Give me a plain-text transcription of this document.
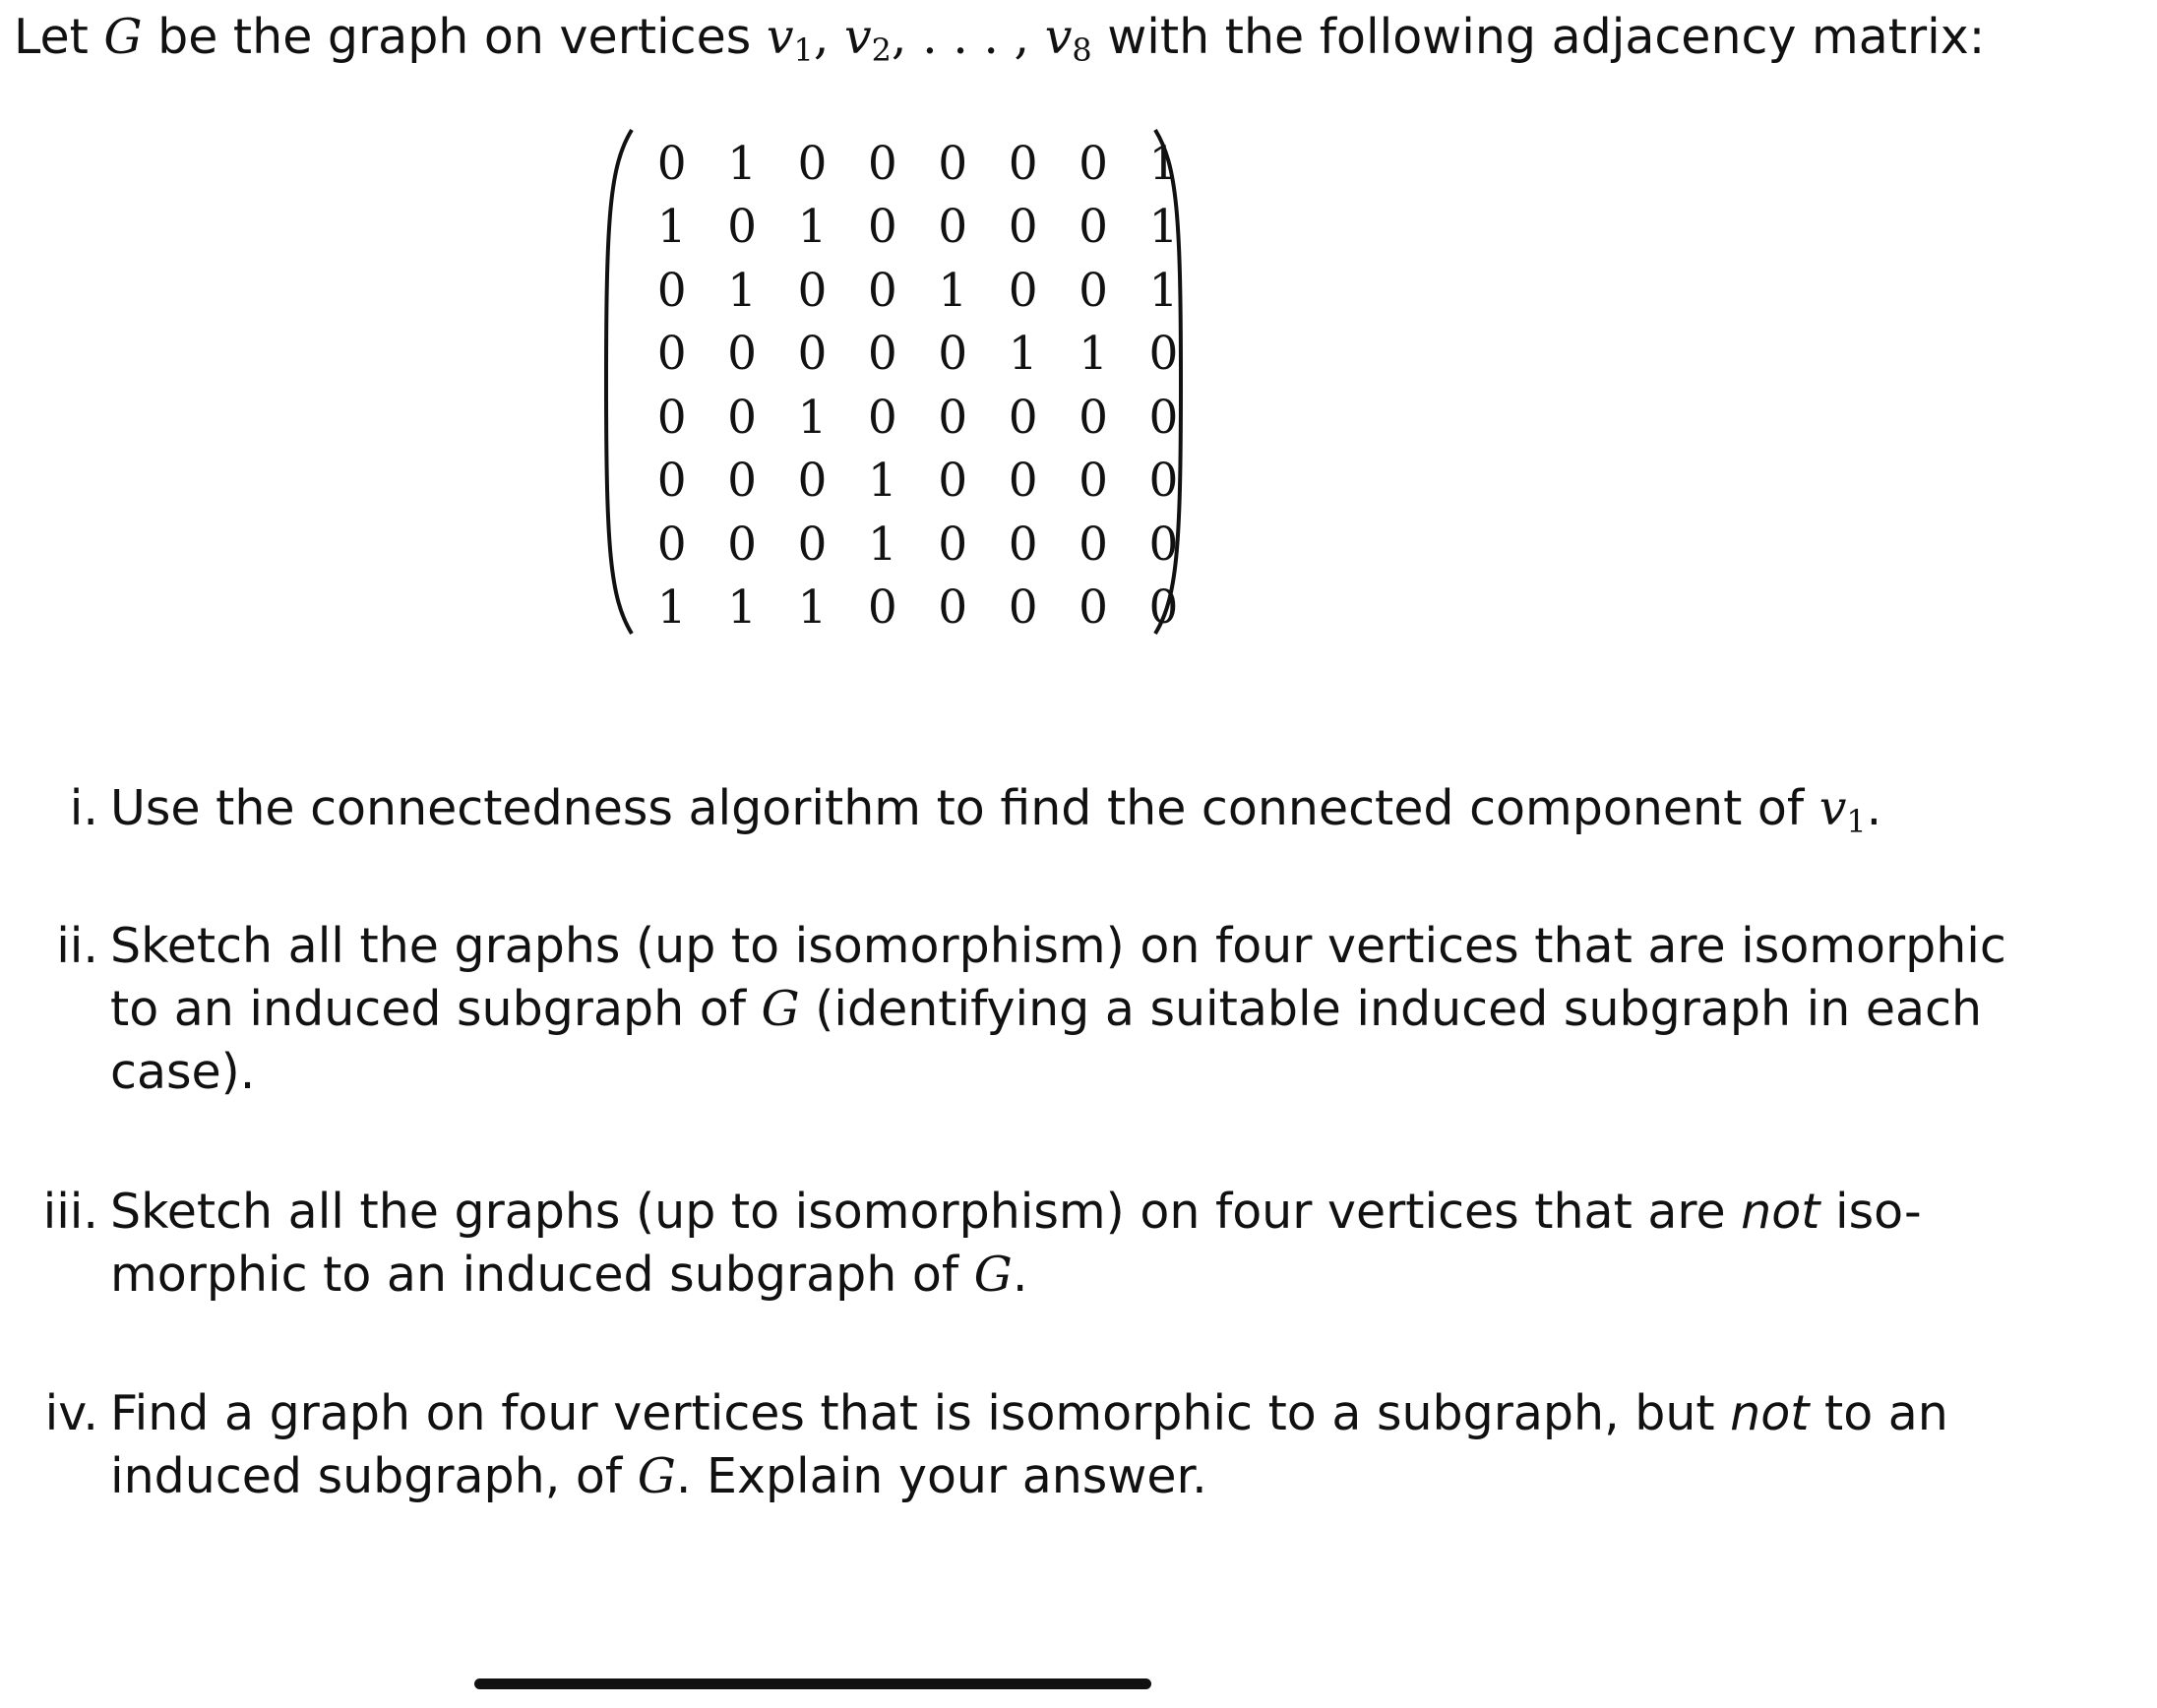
Let G be the graph on vertices $v_1$, $v_2$, . . . , $v_8$ with the following adjacency matrix:
0 1 0 0 0 0 0 1
1 0 1 0 0 0 0 1
0 1 0 0 1 0 0 1
0 0 0 0 0 1 1 0
0 0 1 0 0 0 0 0
0 0 0 1 0 0 0 0
0 0 0 1 0 0 0 0
1 1 1 0 0 0 0 0
i. Use the connectedness algorithm to find the connected component of $v_1$.
ii. Sketch all the graphs (up to isomorphism) on four vertices that are isomorphic
to an induced subgraph of G (identifying a suitable induced subgraph in each
case).
iii. Sketch all the graphs (up to isomorphism) on four vertices that are not iso-
morphic to an induced subgraph of G.
iv. Find a graph on four vertices that is isomorphic to a subgraph, but not to an
induced subgraph, of G. Explain your answer.
